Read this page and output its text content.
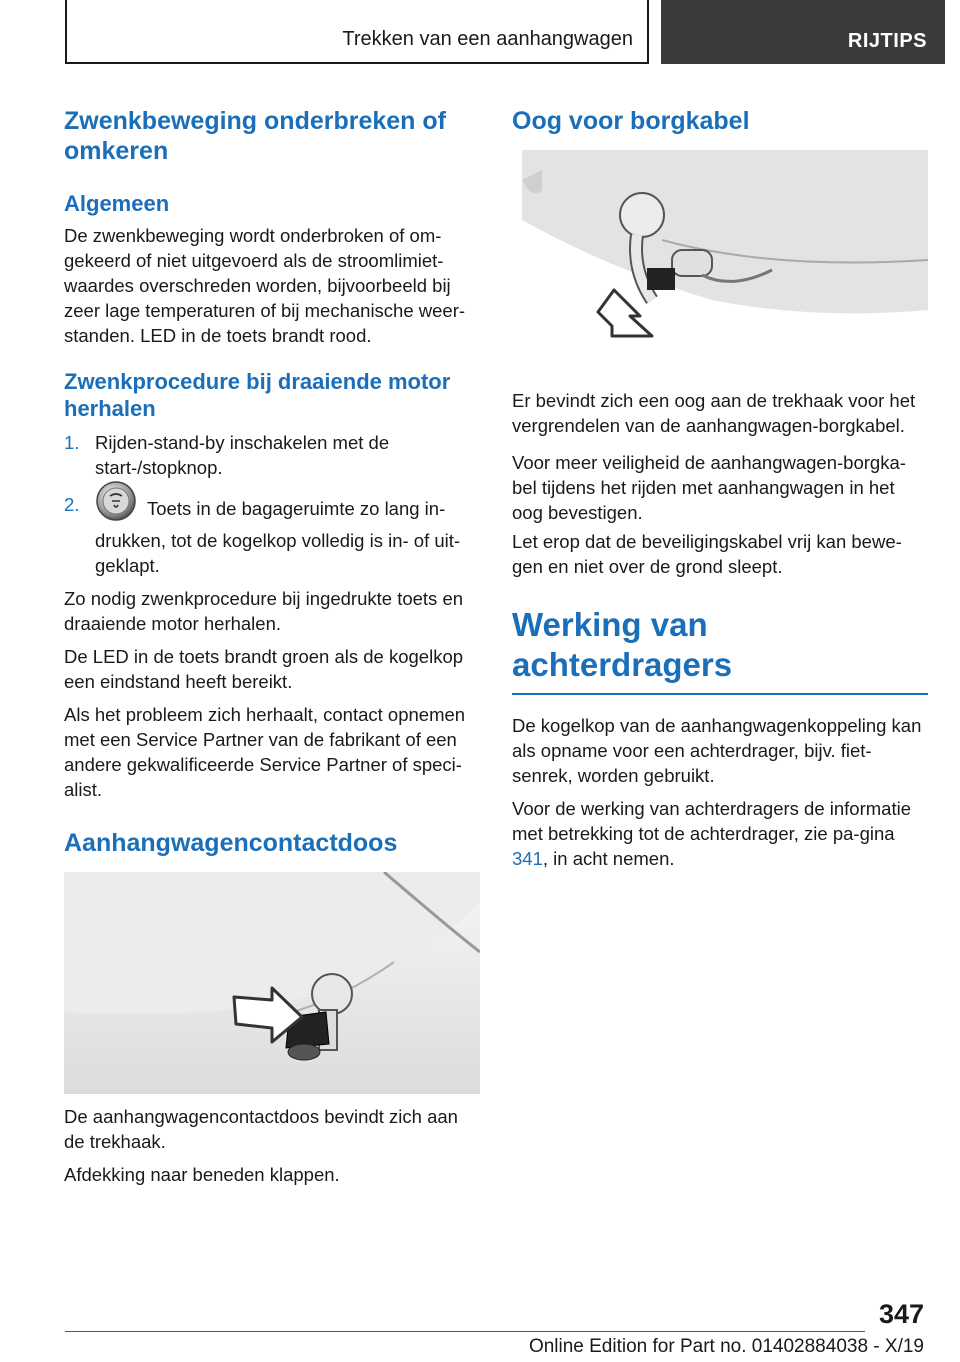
Trekken van een aanhangwagen	RIJTIPS
Zwenkbeweging onderbreken of omkeren
Algemeen

De zwenkbeweging wordt onderbroken of om-gekeerd of niet uitgevoerd als de stroomlimiet-waardes overschreden worden, bijvoorbeeld bij zeer lage temperaturen of bij mechanische weer-standen. LED in de toets brandt rood.

Zwenkprocedure bij draaiende motor herhalen
1. Rijden-stand-by inschakelen met de start-/stopknop.
2.	Toets in de bagageruimte zo lang in-drukken, tot de kogelkop volledig is in- of uit-geklapt.

Zo nodig zwenkprocedure bij ingedrukte toets en draaiende motor herhalen.

De LED in de toets brandt groen als de kogelkop een eindstand heeft bereikt.

Als het probleem zich herhaalt, contact opnemen met een Service Partner van de fabrikant of een andere gekwalificeerde Service Partner of speci-alist.

Aanhangwagencontactdoos

De aanhangwagencontactdoos bevindt zich aan de trekhaak.

Afdekking naar beneden klappen.

Oog voor borgkabel

Er bevindt zich een oog aan de trekhaak voor het vergrendelen van de aanhangwagen-borgkabel.

Voor meer veiligheid de aanhangwagen-borgka-bel tijdens het rijden met aanhangwagen in het oog bevestigen.

Let erop dat de beveiligingskabel vrij kan bewe-gen en niet over de grond sleept.

Werking van achterdragers

De kogelkop van de aanhangwagenkoppeling kan als opname voor een achterdrager, bijv. fiet-senrek, worden gebruikt.

Voor de werking van achterdragers de informatie met betrekking tot de achterdrager, zie pa-gina 341, in acht nemen.

347
Online Edition for Part no. 01402884038 - X/19
